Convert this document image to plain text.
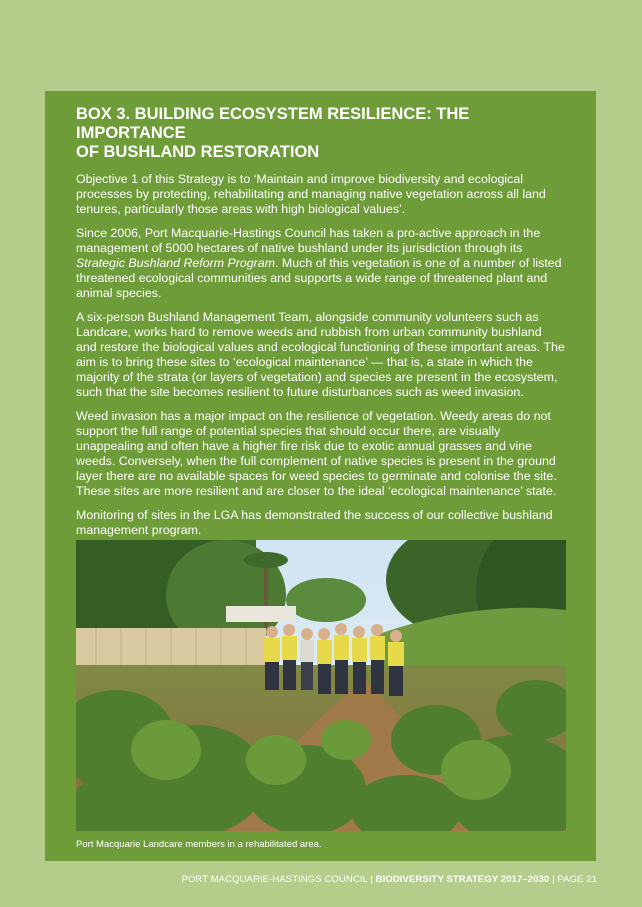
BOX 3. BUILDING ECOSYSTEM RESILIENCE: THE IMPORTANCE
OF BUSHLAND RESTORATION

Objective 1 of this Strategy is to ‘Maintain and improve biodiversity and ecological processes by protecting, rehabilitating and managing native vegetation across all land tenures, particularly those areas with high biological values’.

Since 2006, Port Macquarie-Hastings Council has taken a pro-active approach in the management of 5000 hectares of native bushland under its jurisdiction through its Strategic Bushland Reform Program. Much of this vegetation is one of a number of listed threatened ecological communities and supports a wide range of threatened plant and animal species.

A six-person Bushland Management Team, alongside community volunteers such as Landcare, works hard to remove weeds and rubbish from urban community bushland and restore the biological values and ecological functioning of these important areas. The aim is to bring these sites to ‘ecological maintenance’ — that is, a state in which the majority of the strata (or layers of vegetation) and species are present in the ecosystem, such that the site becomes resilient to future disturbances such as weed invasion.

Weed invasion has a major impact on the resilience of vegetation. Weedy areas do not support the full range of potential species that should occur there, are visually unappealing and often have a higher fire risk due to exotic annual grasses and vine weeds. Conversely, when the full complement of native species is present in the ground layer there are no available spaces for weed species to germinate and colonise the site. These sites are more resilient and are closer to the ideal ‘ecological maintenance’ state.

Monitoring of sites in the LGA has demonstrated the success of our collective bushland management program.

Port Macquarie Landcare members in a rehabilitated area.
PORT MACQUARIE-HASTINGS COUNCIL | BIODIVERSITY STRATEGY 2017–2030 | PAGE 21
